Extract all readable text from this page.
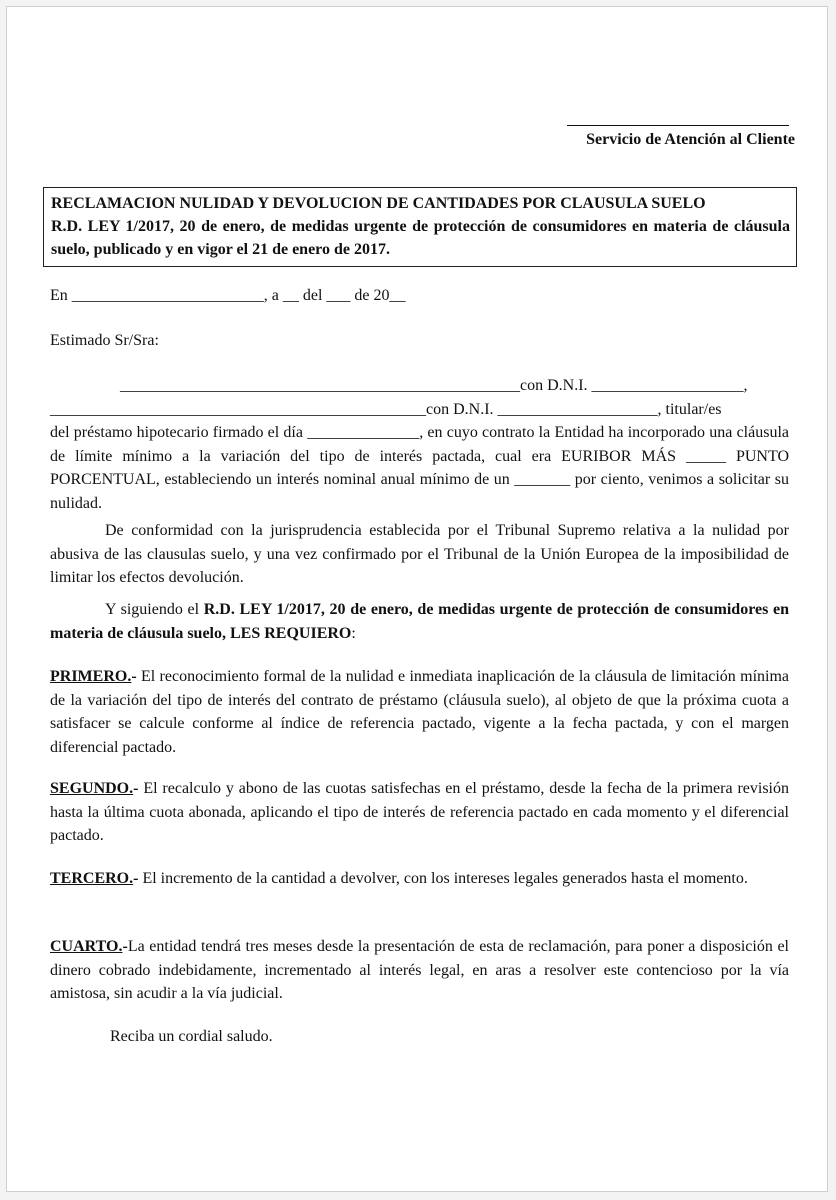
Servicio de Atención al Cliente
RECLAMACION NULIDAD Y DEVOLUCION DE CANTIDADES POR CLAUSULA SUELO
R.D. LEY 1/2017, 20 de enero, de medidas urgente de protección de consumidores en materia de cláusula suelo, publicado y en vigor el 21 de enero de 2017.
En ________________________, a __ del ___ de 20__
Estimado Sr/Sra:
__________________________________________________con D.N.I. ___________________,
_______________________________________________con D.N.I. ____________________, titular/es
del préstamo hipotecario firmado el día ______________, en cuyo contrato la Entidad ha incorporado una cláusula de límite mínimo a la variación del tipo de interés pactada, cual era EURIBOR MÁS _____ PUNTO PORCENTUAL, estableciendo un interés nominal anual mínimo de un _______ por ciento, venimos a solicitar su nulidad.
De conformidad con la jurisprudencia establecida por el Tribunal Supremo relativa a la nulidad por abusiva de las clausulas suelo, y una vez confirmado por el Tribunal de la Unión Europea de la imposibilidad de limitar los efectos devolución.
Y siguiendo el R.D. LEY 1/2017, 20 de enero, de medidas urgente de protección de consumidores en materia de cláusula suelo, LES REQUIERO:
PRIMERO.- El reconocimiento formal de la nulidad e inmediata inaplicación de la cláusula de limitación mínima de la variación del tipo de interés del contrato de préstamo (cláusula suelo), al objeto de que la próxima cuota a satisfacer se calcule conforme al índice de referencia pactado, vigente a la fecha pactada, y con el margen diferencial pactado.
SEGUNDO.- El recalculo y abono de las cuotas satisfechas en el préstamo, desde la fecha de la primera revisión hasta la última cuota abonada, aplicando el tipo de interés de referencia pactado en cada momento y el diferencial pactado.
TERCERO.- El incremento de la cantidad a devolver, con los intereses legales generados hasta el momento.
CUARTO.-La entidad tendrá tres meses desde la presentación de esta de reclamación, para poner a disposición el dinero cobrado indebidamente, incrementado al interés legal, en aras a resolver este contencioso por la vía amistosa, sin acudir a la vía judicial.
Reciba un cordial saludo.
